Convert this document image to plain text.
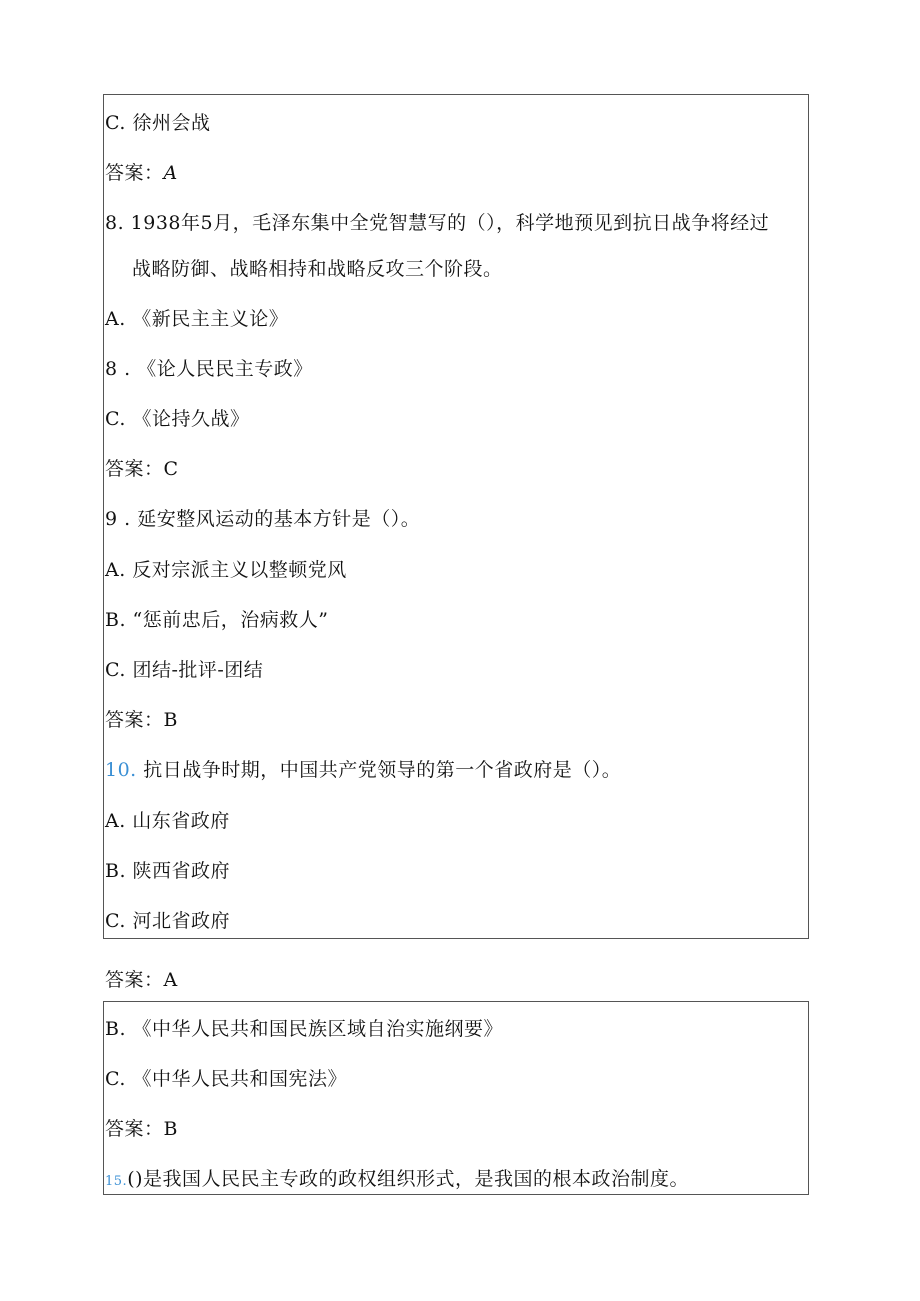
C. 徐州会战

答案：A

8. 1938年5月，毛泽东集中全党智慧写的（），科学地预见到抗日战争将经过

战略防御、战略相持和战略反攻三个阶段。

A. 《新民主主义论》

8 . 《论人民民主专政》

C. 《论持久战》

答案：C

9 . 延安整风运动的基本方针是（）。

A. 反对宗派主义以整顿党风

B. “惩前忠后，治病救人”

C. 团结-批评-团结

答案：B

10. 抗日战争时期，中国共产党领导的第一个省政府是（）。

A. 山东省政府

B. 陕西省政府

C. 河北省政府

答案：A

B. 《中华人民共和国民族区域自治实施纲要》

C. 《中华人民共和国宪法》

答案：B

15.()是我国人民民主专政的政权组织形式，是我国的根本政治制度。
